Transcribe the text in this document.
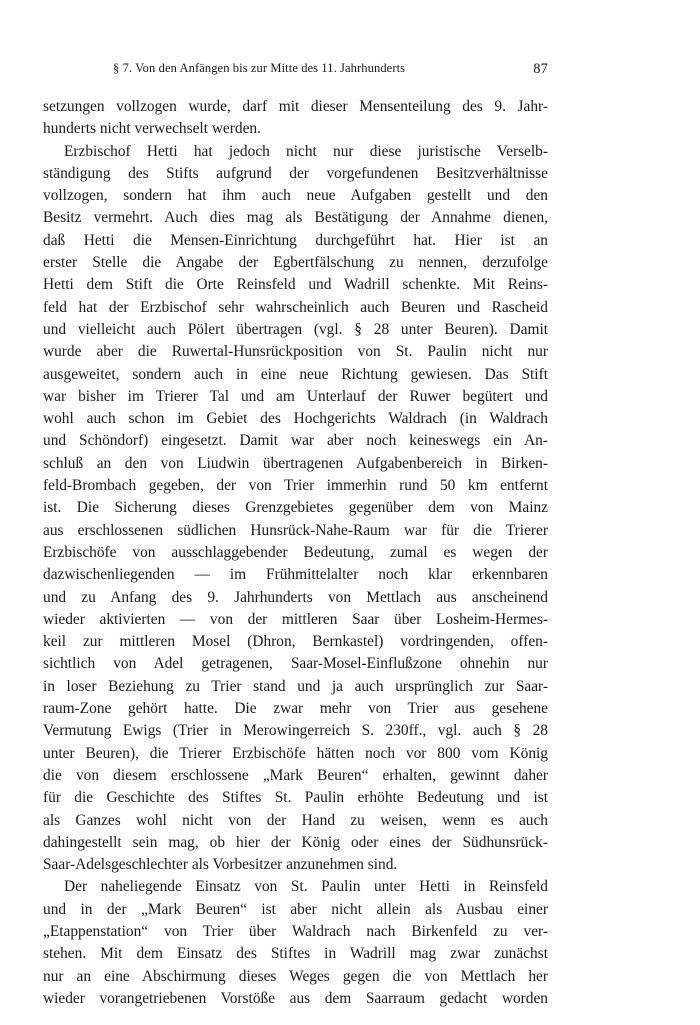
§ 7. Von den Anfängen bis zur Mitte des 11. Jahrhunderts	87
setzungen vollzogen wurde, darf mit dieser Mensenteilung des 9. Jahr-
hunderts nicht verwechselt werden.
Erzbischof Hetti hat jedoch nicht nur diese juristische Verselb-
ständigung des Stifts aufgrund der vorgefundenen Besitzverhältnisse
vollzogen, sondern hat ihm auch neue Aufgaben gestellt und den
Besitz vermehrt. Auch dies mag als Bestätigung der Annahme dienen,
daß Hetti die Mensen-Einrichtung durchgeführt hat. Hier ist an
erster Stelle die Angabe der Egbertfälschung zu nennen, derzufolge
Hetti dem Stift die Orte Reinsfeld und Wadrill schenkte. Mit Reins-
feld hat der Erzbischof sehr wahrscheinlich auch Beuren und Rascheid
und vielleicht auch Pölert übertragen (vgl. § 28 unter Beuren). Damit
wurde aber die Ruwertal-Hunsrückposition von St. Paulin nicht nur
ausgeweitet, sondern auch in eine neue Richtung gewiesen. Das Stift
war bisher im Trierer Tal und am Unterlauf der Ruwer begütert und
wohl auch schon im Gebiet des Hochgerichts Waldrach (in Waldrach
und Schöndorf) eingesetzt. Damit war aber noch keineswegs ein An-
schluß an den von Liudwin übertragenen Aufgabenbereich in Birken-
feld-Brombach gegeben, der von Trier immerhin rund 50 km entfernt
ist. Die Sicherung dieses Grenzgebietes gegenüber dem von Mainz
aus erschlossenen südlichen Hunsrück-Nahe-Raum war für die Trierer
Erzbischöfe von ausschlaggebender Bedeutung, zumal es wegen der
dazwischenliegenden — im Frühmittelalter noch klar erkennbaren
und zu Anfang des 9. Jahrhunderts von Mettlach aus anscheinend
wieder aktivierten — von der mittleren Saar über Losheim-Hermes-
keil zur mittleren Mosel (Dhron, Bernkastel) vordringenden, offen-
sichtlich von Adel getragenen, Saar-Mosel-Einflußzone ohnehin nur
in loser Beziehung zu Trier stand und ja auch ursprünglich zur Saar-
raum-Zone gehört hatte. Die zwar mehr von Trier aus gesehene
Vermutung Ewigs (Trier in Merowingerreich S. 230ff., vgl. auch § 28
unter Beuren), die Trierer Erzbischöfe hätten noch vor 800 vom König
die von diesem erschlossene „Mark Beuren“ erhalten, gewinnt daher
für die Geschichte des Stiftes St. Paulin erhöhte Bedeutung und ist
als Ganzes wohl nicht von der Hand zu weisen, wenn es auch
dahingestellt sein mag, ob hier der König oder eines der Südhunsrück-
Saar-Adelsgeschlechter als Vorbesitzer anzunehmen sind.
Der naheliegende Einsatz von St. Paulin unter Hetti in Reinsfeld
und in der „Mark Beuren“ ist aber nicht allein als Ausbau einer
„Etappenstation“ von Trier über Waldrach nach Birkenfeld zu ver-
stehen. Mit dem Einsatz des Stiftes in Wadrill mag zwar zunächst
nur an eine Abschirmung dieses Weges gegen die von Mettlach her
wieder vorangetriebenen Vorstöße aus dem Saarraum gedacht worden
